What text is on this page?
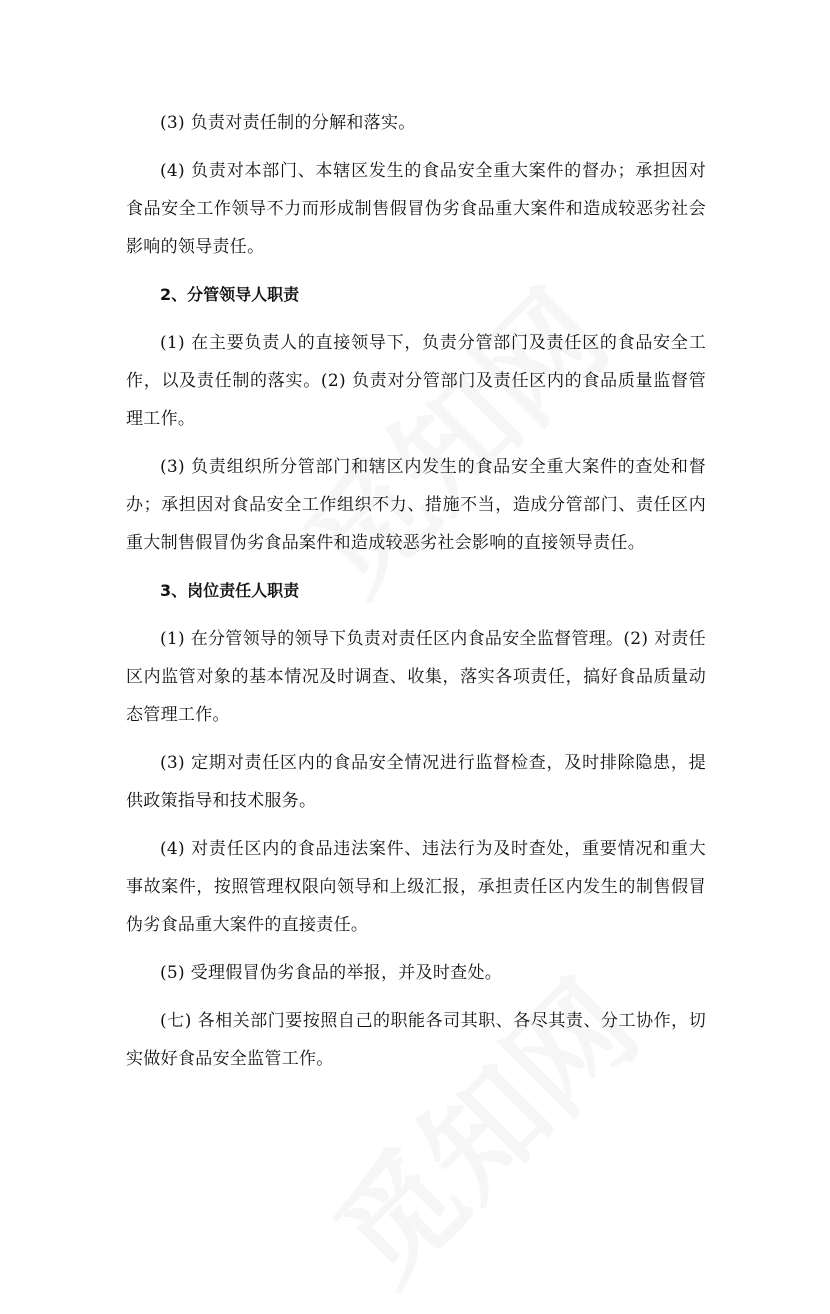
(3) 负责对责任制的分解和落实。

(4) 负责对本部门、本辖区发生的食品安全重大案件的督办；承担因对食品安全工作领导不力而形成制售假冒伪劣食品重大案件和造成较恶劣社会影响的领导责任。

2、分管领导人职责

(1) 在主要负责人的直接领导下，负责分管部门及责任区的食品安全工作，以及责任制的落实。(2) 负责对分管部门及责任区内的食品质量监督管理工作。

(3) 负责组织所分管部门和辖区内发生的食品安全重大案件的查处和督办；承担因对食品安全工作组织不力、措施不当，造成分管部门、责任区内重大制售假冒伪劣食品案件和造成较恶劣社会影响的直接领导责任。

3、岗位责任人职责

(1) 在分管领导的领导下负责对责任区内食品安全监督管理。(2) 对责任区内监管对象的基本情况及时调查、收集，落实各项责任，搞好食品质量动态管理工作。

(3) 定期对责任区内的食品安全情况进行监督检查，及时排除隐患，提供政策指导和技术服务。

(4) 对责任区内的食品违法案件、违法行为及时查处，重要情况和重大事故案件，按照管理权限向领导和上级汇报，承担责任区内发生的制售假冒伪劣食品重大案件的直接责任。

(5) 受理假冒伪劣食品的举报，并及时查处。

(七) 各相关部门要按照自己的职能各司其职、各尽其责、分工协作，切实做好食品安全监管工作。
